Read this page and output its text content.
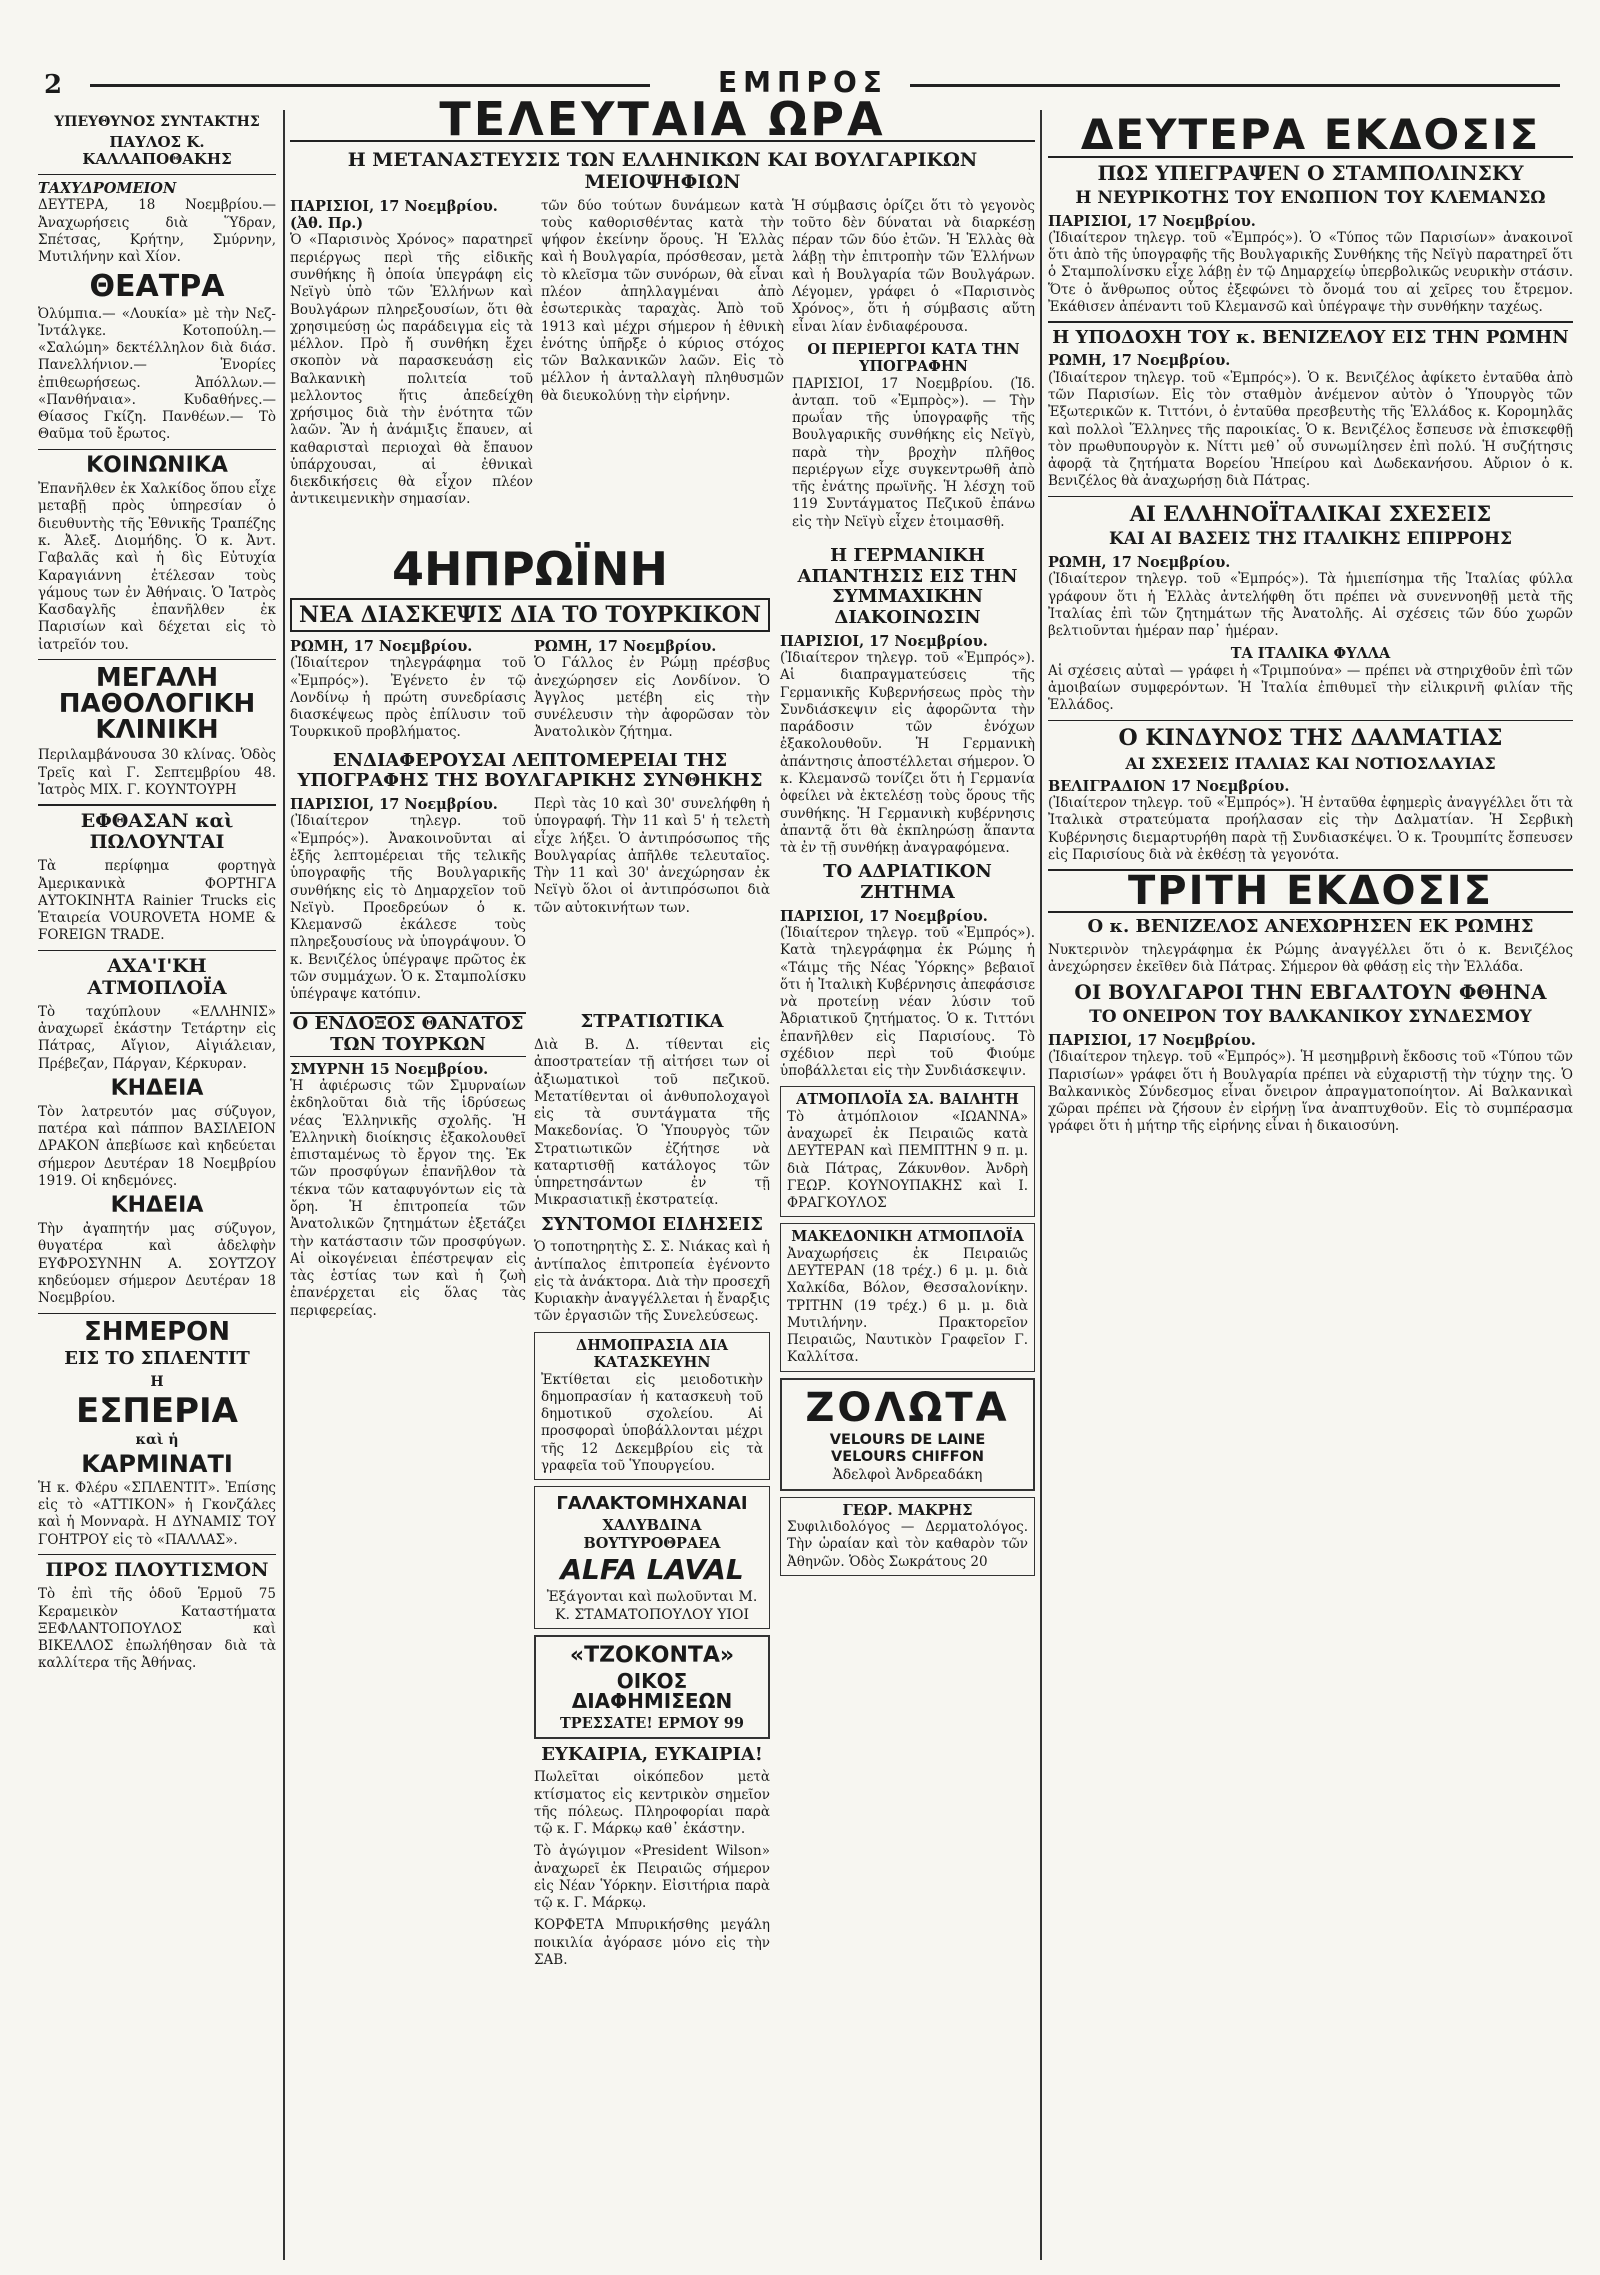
2	ΕΜΠΡΟΣ
ΥΠΕΥΘΥΝΟΣ ΣΥΝΤΑΚΤΗΣ
ΠΑΥΛΟΣ Κ. ΚΑΛΛΑΠΟΘΑΚΗΣ
ΤΑΧΥΔΡΟΜΕΙΟΝ

ΔΕΥΤΕΡΑ, 18 Νοεμβρίου.— Ἀναχωρήσεις διὰ Ὕδραν, Σπέτσας, Κρήτην, Σμύρνην, Μυτιλήνην καὶ Χίον.

ΘΕΑΤΡΑ

Ὀλύμπια.— «Λουκία» μὲ τὴν Νεζ-Ἰντάλγκε. Κοτοπούλη.— «Σαλώμη» δεκτέλληλον διὰ διάσ. Πανελλήνιον.— Ἑνορίες ἐπιθεωρήσεως. Ἀπόλλων.— «Πανθήναια». Κυδαθήνες.— Θίασος Γκίζη. Πανθέων.— Τὸ Θαῦμα τοῦ ἔρωτος.

ΚΟΙΝΩΝΙΚΑ

Ἐπανῆλθεν ἐκ Χαλκίδος ὅπου εἶχε μεταβῇ πρὸς ὑπηρεσίαν ὁ διευθυντὴς τῆς Ἐθνικῆς Τραπέζης κ. Ἀλεξ. Διομήδης. Ὁ κ. Ἀντ. Γαβαλᾶς καὶ ἡ δὶς Εὐτυχία Καραγιάννη ἐτέλεσαν τοὺς γάμους των ἐν Ἀθήναις. Ὁ Ἰατρὸς Κασδαγλῆς ἐπανῆλθεν ἐκ Παρισίων καὶ δέχεται εἰς τὸ ἰατρεῖόν του.

ΜΕΓΑΛΗ ΠΑΘΟΛΟΓΙΚΗ ΚΛΙΝΙΚΗ

Περιλαμβάνουσα 30 κλίνας. Ὁδὸς Τρεῖς καὶ Γ. Σεπτεμβρίου 48. Ἰατρὸς ΜΙΧ. Γ. ΚΟΥΝΤΟΥΡΗ

ΕΦΘΑΣΑΝ καὶ ΠΩΛΟΥΝΤΑΙ

Τὰ περίφημα φορτηγὰ Ἀμερικανικὰ ΦΟΡΤΗΓΑ ΑΥΤΟΚΙΝΗΤΑ Rainier Trucks εἰς Ἑταιρεία VOUROVETA HOME & FOREIGN TRADE.

ΑΧΑ'Ι'ΚΗ ΑΤΜΟΠΛΟΪΑ

Τὸ ταχύπλουν «ΕΛΛΗΝΙΣ» ἀναχωρεῖ ἑκάστην Τετάρτην εἰς Πάτρας, Αἴγιον, Αἰγιάλειαν, Πρέβεζαν, Πάργαν, Κέρκυραν.

ΚΗΔΕΙΑ

Τὸν λατρευτόν μας σύζυγον, πατέρα καὶ πάππον ΒΑΣΙΛΕΙΟΝ ΔΡΑΚΟΝ ἀπεβίωσε καὶ κηδεύεται σήμερον Δευτέραν 18 Νοεμβρίου 1919. Οἱ κηδεμόνες.

ΚΗΔΕΙΑ

Τὴν ἀγαπητήν μας σύζυγον, θυγατέρα καὶ ἀδελφὴν ΕΥΦΡΟΣΥΝΗΝ Α. ΣΟΥΤΖΟΥ κηδεύομεν σήμερον Δευτέραν 18 Νοεμβρίου.

ΣΗΜΕΡΟΝ
ΕΙΣ ΤΟ ΣΠΛΕΝΤΙΤ
Η
ΕΣΠΕΡΙΑ
καὶ ἡ
ΚΑΡΜΙΝΑΤΙ

Ἡ κ. Φλέρυ «ΣΠΛΕΝΤΙΤ». Ἐπίσης εἰς τὸ «ΑΤΤΙΚΟΝ» ἡ Γκονζάλες καὶ ἡ Μονναρὰ. Η ΔΥΝΑΜΙΣ ΤΟΥ ΓΟΗΤΡΟΥ εἰς τὸ «ΠΑΛΛΑΣ».

ΠΡΟΣ ΠΛΟΥΤΙΣΜΟΝ

Τὸ ἐπὶ τῆς ὁδοῦ Ἑρμοῦ 75 Κεραμεικὸν Καταστήματα ΞΕΦΛΑΝΤΟΠΟΥΛΟΣ καὶ ΒΙΚΕΛΛΟΣ ἐπωλήθησαν διὰ τὰ καλλίτερα τῆς Ἀθήνας.

ΤΕΛΕΥΤΑΙΑ ΩΡΑ
Η ΜΕΤΑΝΑΣΤΕΥΣΙΣ ΤΩΝ ΕΛΛΗΝΙΚΩΝ ΚΑΙ ΒΟΥΛΓΑΡΙΚΩΝ ΜΕΙΟΨΗΦΙΩΝ
ΠΑΡΙΣΙΟΙ, 17 Νοεμβρίου. (Ἀθ. Πρ.)

Ὁ «Παρισινὸς Χρόνος» παρατηρεῖ περιέργως περὶ τῆς εἰδικῆς συνθήκης ἢ ὁποία ὑπεγράφη εἰς Νεϊγὺ ὑπὸ τῶν Ἑλλήνων καὶ Βουλγάρων πληρεξουσίων, ὅτι θὰ χρησιμεύσῃ ὡς παράδειγμα εἰς τὰ μέλλον. Πρὸ ἤ συνθήκη ἔχει σκοπὸν νὰ παρασκευάσῃ εἰς Βαλκανικὴ πολιτεία τοῦ μελλοντος ἥτις ἀπεδείχθη χρήσιμος διὰ τὴν ἑνότητα τῶν λαῶν. Ἂν ἡ ἀνάμιξις ἔπαυεν, αἱ καθαρισταὶ περιοχαὶ θὰ ἔπαυον ὑπάρχουσαι, αἱ ἐθνικαὶ διεκδικήσεις θὰ εἶχον πλέον ἀντικειμενικὴν σημασίαν.

τῶν δύο τούτων δυνάμεων κατὰ τοὺς καθορισθέντας κατὰ τὴν ψήφον ἐκείνην ὅρους. Ἡ Ἑλλὰς καὶ ἡ Βουλγαρία, πρόσθεσαν, μετὰ τὸ κλεῖσμα τῶν συνόρων, θὰ εἶναι πλέον ἀπηλλαγμέναι ἀπὸ ἐσωτερικὰς ταραχὰς. Ἀπὸ τοῦ 1913 καὶ μέχρι σήμερον ἡ ἐθνικὴ ἐνότης ὑπῆρξε ὁ κύριος στόχος τῶν Βαλκανικῶν λαῶν. Εἰς τὸ μέλλον ἡ ἀνταλλαγὴ πληθυσμῶν θὰ διευκολύνῃ τὴν εἰρήνην.

Ἡ σύμβασις ὁρίζει ὅτι τὸ γεγονὸς τοῦτο δὲν δύναται νὰ διαρκέσῃ πέραν τῶν δύο ἐτῶν. Ἡ Ἑλλὰς θὰ λάβῃ τὴν ἐπιτροπὴν τῶν Ἑλλήνων καὶ ἡ Βουλγαρία τῶν Βουλγάρων. Λέγομεν, γράφει ὁ «Παρισινὸς Χρόνος», ὅτι ἡ σύμβασις αὕτη εἶναι λίαν ἐνδιαφέρουσα.

ΟΙ ΠΕΡΙΕΡΓΟΙ ΚΑΤΑ ΤΗΝ ΥΠΟΓΡΑΦΗΝ

ΠΑΡΙΣΙΟΙ, 17 Νοεμβρίου. (Ἰδ. ἀνταπ. τοῦ «Ἐμπρὸς»). — Τὴν πρωΐαν τῆς ὑπογραφῆς τῆς Βουλγαρικῆς συνθήκης εἰς Νεϊγὺ, παρὰ τὴν βροχὴν πλῆθος περιέργων εἶχε συγκεντρωθῆ ἀπὸ τῆς ἐνάτης πρωϊνῆς. Ἡ λέσχη τοῦ 119 Συντάγματος Πεζικοῦ ἐπάνω εἰς τὴν Νεϊγὺ εἶχεν ἑτοιμασθῆ.

4ΗΠΡΩΪΝΗ
ΝΕΑ ΔΙΑΣΚΕΨΙΣ ΔΙΑ ΤΟ ΤΟΥΡΚΙΚΟΝ
ΡΩΜΗ, 17 Νοεμβρίου.

(Ἰδιαίτερον τηλεγράφημα τοῦ «Ἐμπρός»). Ἐγένετο ἐν τῷ Λονδίνῳ ἡ πρώτη συνεδρίασις διασκέψεως πρὸς ἐπίλυσιν τοῦ Τουρκικοῦ προβλήματος.

ΡΩΜΗ, 17 Νοεμβρίου.

Ὁ Γάλλος ἐν Ρώμῃ πρέσβυς ἀνεχώρησεν εἰς Λονδίνον. Ὁ Ἀγγλος μετέβη εἰς τὴν συνέλευσιν τὴν ἀφορῶσαν τὸν Ἀνατολικὸν ζήτημα.

ΕΝΔΙΑΦΕΡΟΥΣΑΙ ΛΕΠΤΟΜΕΡΕΙΑΙ ΤΗΣ ΥΠΟΓΡΑΦΗΣ ΤΗΣ ΒΟΥΛΓΑΡΙΚΗΣ ΣΥΝΘΗΚΗΣ
ΠΑΡΙΣΙΟΙ, 17 Νοεμβρίου.

(Ἰδιαίτερον τηλεγρ. τοῦ «Ἐμπρός»). Ἀνακοινοῦνται αἱ ἑξῆς λεπτομέρειαι τῆς τελικῆς ὑπογραφῆς τῆς Βουλγαρικῆς συνθήκης εἰς τὸ Δημαρχεῖον τοῦ Νεϊγὺ. Προεδρεύων ὁ κ. Κλεμανσῶ ἐκάλεσε τοὺς πληρεξουσίους νὰ ὑπογράψουν. Ὁ κ. Βενιζέλος ὑπέγραψε πρῶτος ἐκ τῶν συμμάχων. Ὁ κ. Σταμπολίσκυ ὑπέγραψε κατόπιν.

Περὶ τὰς 10 καὶ 30' συνελήφθη ἡ ὑπογραφή. Τὴν 11 καὶ 5' ἡ τελετὴ εἶχε λήξει. Ὁ ἀντιπρόσωπος τῆς Βουλγαρίας ἀπῆλθε τελευταῖος. Τὴν 11 καὶ 30' ἀνεχώρησαν ἐκ Νεϊγὺ ὅλοι οἱ ἀντιπρόσωποι διὰ τῶν αὐτοκινήτων των.

Ο ΕΝΔΟΞΟΣ ΘΑΝΑΤΟΣ ΤΩΝ ΤΟΥΡΚΩΝ
ΣΜΥΡΝΗ 15 Νοεμβρίου.

Ἡ ἀφιέρωσις τῶν Σμυρναίων ἐκδηλοῦται διὰ τῆς ἱδρύσεως νέας Ἑλληνικῆς σχολῆς. Ἡ Ἑλληνικὴ διοίκησις ἐξακολουθεῖ ἐπισταμένως τὸ ἔργον της. Ἐκ τῶν προσφύγων ἐπανῆλθον τὰ τέκνα τῶν καταφυγόντων εἰς τὰ ὄρη. Ἡ ἐπιτροπεία τῶν Ἀνατολικῶν ζητημάτων ἐξετάζει τὴν κατάστασιν τῶν προσφύγων. Αἱ οἰκογένειαι ἐπέστρεψαν εἰς τὰς ἑστίας των καὶ ἡ ζωὴ ἐπανέρχεται εἰς ὅλας τὰς περιφερείας.

ΣΤΡΑΤΙΩΤΙΚΑ

Διὰ Β. Δ. τίθενται εἰς ἀποστρατείαν τῇ αἰτήσει των οἱ ἀξιωματικοὶ τοῦ πεζικοῦ. Μετατίθενται οἱ ἀνθυπολοχαγοὶ εἰς τὰ συντάγματα τῆς Μακεδονίας. Ὁ Ὑπουργὸς τῶν Στρατιωτικῶν ἐζήτησε νὰ καταρτισθῇ κατάλογος τῶν ὑπηρετησάντων ἐν τῇ Μικρασιατικῇ ἐκστρατείᾳ.

ΣΥΝΤΟΜΟΙ ΕΙΔΗΣΕΙΣ

Ὁ τοποτηρητὴς Σ. Σ. Νιάκας καὶ ἡ ἀντίπαλος ἐπιτροπεία ἐγένοντο εἰς τὰ ἀνάκτορα. Διὰ τὴν προσεχῆ Κυριακὴν ἀναγγέλλεται ἡ ἔναρξις τῶν ἐργασιῶν τῆς Συνελεύσεως.

ΔΗΜΟΠΡΑΣΙΑ ΔΙΑ ΚΑΤΑΣΚΕΥΗΝ

Ἐκτίθεται εἰς μειοδοτικὴν δημοπρασίαν ἡ κατασκευὴ τοῦ δημοτικοῦ σχολείου. Αἱ προσφοραὶ ὑποβάλλονται μέχρι τῆς 12 Δεκεμβρίου εἰς τὰ γραφεῖα τοῦ Ὑπουργείου.

ΓΑΛΑΚΤΟΜΗΧΑΝΑΙ
ΧΑΛΥΒΔΙΝΑ ΒΟΥΤΥΡΟΘΡΑΕΑ
ALFA LAVAL
Ἐξάγονται καὶ πωλοῦνται Μ. Κ. ΣΤΑΜΑΤΟΠΟΥΛΟΥ ΥΙΟΙ
«ΤΖΟΚΟΝΤΑ»
ΟΙΚΟΣ ΔΙΑΦΗΜΙΣΕΩΝ
ΤΡΕΣΣΑΤΕ! ΕΡΜΟΥ 99
ΕΥΚΑΙΡΙΑ, ΕΥΚΑΙΡΙΑ!

Πωλεῖται οἰκόπεδον μετὰ κτίσματος εἰς κεντρικὸν σημεῖον τῆς πόλεως. Πληροφορίαι παρὰ τῷ κ. Γ. Μάρκῳ καθ᾽ ἑκάστην.

Τὸ ἀγώγιμον «President Wilson» ἀναχωρεῖ ἐκ Πειραιῶς σήμερον εἰς Νέαν Ὑόρκην. Εἰσιτήρια παρὰ τῷ κ. Γ. Μάρκῳ.

ΚΟΡΦΕΤΑ Μπυρικήσθης μεγάλη ποικιλία ἀγόρασε μόνο εἰς τὴν ΣΑΒ.

Η ΓΕΡΜΑΝΙΚΗ ΑΠΑΝΤΗΣΙΣ ΕΙΣ ΤΗΝ ΣΥΜΜΑΧΙΚΗΝ ΔΙΑΚΟΙΝΩΣΙΝ
ΠΑΡΙΣΙΟΙ, 17 Νοεμβρίου.

(Ἰδιαίτερον τηλεγρ. τοῦ «Ἐμπρός»). Αἱ διαπραγματεύσεις τῆς Γερμανικῆς Κυβερνήσεως πρὸς τὴν Συνδιάσκεψιν εἰς ἀφορῶντα τὴν παράδοσιν τῶν ἐνόχων ἐξακολουθοῦν. Ἡ Γερμανικὴ ἀπάντησις ἀποστέλλεται σήμερον. Ὁ κ. Κλεμανσῶ τονίζει ὅτι ἡ Γερμανία ὀφείλει νὰ ἐκτελέσῃ τοὺς ὅρους τῆς συνθήκης. Ἡ Γερμανικὴ κυβέρνησις ἀπαντᾷ ὅτι θὰ ἐκπληρώσῃ ἅπαντα τὰ ἐν τῇ συνθήκῃ ἀναγραφόμενα.

ΤΟ ΑΔΡΙΑΤΙΚΟΝ ΖΗΤΗΜΑ
ΠΑΡΙΣΙΟΙ, 17 Νοεμβρίου.

(Ἰδιαίτερον τηλεγρ. τοῦ «Ἐμπρός»). Κατὰ τηλεγράφημα ἐκ Ρώμης ἡ «Τάιμς τῆς Νέας Ὑόρκης» βεβαιοῖ ὅτι ἡ Ἰταλικὴ Κυβέρνησις ἀπεφάσισε νὰ προτείνῃ νέαν λύσιν τοῦ Ἀδριατικοῦ ζητήματος. Ὁ κ. Τιττόνι ἐπανῆλθεν εἰς Παρισίους. Τὸ σχέδιον περὶ τοῦ Φιούμε ὑποβάλλεται εἰς τὴν Συνδιάσκεψιν.

ΑΤΜΟΠΛΟΪΑ ΣΑ. ΒΑΙΛΗΤΗ

Τὸ ἀτμόπλοιον «ΙΩΑΝΝΑ» ἀναχωρεῖ ἐκ Πειραιῶς κατὰ ΔΕΥΤΕΡΑΝ καὶ ΠΕΜΠΤΗΝ 9 π. μ. διὰ Πάτρας, Ζάκυνθον. Ἀνδρὴ ΓΕΩΡ. ΚΟΥΝΟΥΠΑΚΗΣ καὶ Ι. ΦΡΑΓΚΟΥΛΟΣ

ΜΑΚΕΔΟΝΙΚΗ ΑΤΜΟΠΛΟΪΑ

Ἀναχωρήσεις ἐκ Πειραιῶς ΔΕΥΤΕΡΑΝ (18 τρέχ.) 6 μ. μ. διὰ Χαλκίδα, Βόλον, Θεσσαλονίκην. ΤΡΙΤΗΝ (19 τρέχ.) 6 μ. μ. διὰ Μυτιλήνην. Πρακτορεῖον Πειραιῶς, Ναυτικὸν Γραφεῖον Γ. Καλλίτσα.

ΖΟΛΩΤΑ
VELOURS DE LAINE
VELOURS CHIFFON
Ἀδελφοὶ Ἀνδρεαδάκη
ΓΕΩΡ. ΜΑΚΡΗΣ

Συφιλιδολόγος — Δερματολόγος. Τὴν ὡραίαν καὶ τὸν καθαρὸν τῶν Ἀθηνῶν. Ὁδὸς Σωκράτους 20

ΔΕΥΤΕΡΑ ΕΚΔΟΣΙΣ
ΠΩΣ ΥΠΕΓΡΑΨΕΝ Ο ΣΤΑΜΠΟΛΙΝΣΚΥ
Η ΝΕΥΡΙΚΟΤΗΣ ΤΟΥ ΕΝΩΠΙΟΝ ΤΟΥ ΚΛΕΜΑΝΣΩ
ΠΑΡΙΣΙΟΙ, 17 Νοεμβρίου.

(Ἰδιαίτερον τηλεγρ. τοῦ «Ἐμπρός»). Ὁ «Τύπος τῶν Παρισίων» ἀνακοινοῖ ὅτι ἀπὸ τῆς ὑπογραφῆς τῆς Βουλγαρικῆς Συνθήκης τῆς Νεϊγὺ παρατηρεῖ ὅτι ὁ Σταμπολίνσκυ εἶχε λάβῃ ἐν τῷ Δημαρχείῳ ὑπερβολικῶς νευρικὴν στάσιν. Ὅτε ὁ ἄνθρωπος οὗτος ἐξεφώνει τὸ ὄνομά του αἱ χεῖρες του ἔτρεμον. Ἐκάθισεν ἀπέναντι τοῦ Κλεμανσῶ καὶ ὑπέγραψε τὴν συνθήκην ταχέως.

Η ΥΠΟΔΟΧΗ ΤΟΥ κ. ΒΕΝΙΖΕΛΟΥ ΕΙΣ ΤΗΝ ΡΩΜΗΝ
ΡΩΜΗ, 17 Νοεμβρίου.

(Ἰδιαίτερον τηλεγρ. τοῦ «Ἐμπρός»). Ὁ κ. Βενιζέλος ἀφίκετο ἐνταῦθα ἀπὸ τῶν Παρισίων. Εἰς τὸν σταθμὸν ἀνέμενον αὐτὸν ὁ Ὑπουργὸς τῶν Ἐξωτερικῶν κ. Τιττόνι, ὁ ἐνταῦθα πρεσβευτὴς τῆς Ἑλλάδος κ. Κορομηλᾶς καὶ πολλοὶ Ἕλληνες τῆς παροικίας. Ὁ κ. Βενιζέλος ἔσπευσε νὰ ἐπισκεφθῇ τὸν πρωθυπουργὸν κ. Νίττι μεθ᾽ οὗ συνωμίλησεν ἐπὶ πολύ. Ἡ συζήτησις ἀφορᾷ τὰ ζητήματα Βορείου Ἠπείρου καὶ Δωδεκανήσου. Αὔριον ὁ κ. Βενιζέλος θὰ ἀναχωρήσῃ διὰ Πάτρας.

ΑΙ ΕΛΛΗΝΟΪΤΑΛΙΚΑΙ ΣΧΕΣΕΙΣ
ΚΑΙ ΑΙ ΒΑΣΕΙΣ ΤΗΣ ΙΤΑΛΙΚΗΣ ΕΠΙΡΡΟΗΣ
ΡΩΜΗ, 17 Νοεμβρίου.

(Ἰδιαίτερον τηλεγρ. τοῦ «Ἐμπρός»). Τὰ ἡμιεπίσημα τῆς Ἰταλίας φύλλα γράφουν ὅτι ἡ Ἑλλὰς ἀντελήφθη ὅτι πρέπει νὰ συνεννοηθῇ μετὰ τῆς Ἰταλίας ἐπὶ τῶν ζητημάτων τῆς Ἀνατολῆς. Αἱ σχέσεις τῶν δύο χωρῶν βελτιοῦνται ἡμέραν παρ᾽ ἡμέραν.

ΤΑ ΙΤΑΛΙΚΑ ΦΥΛΛΑ

Αἱ σχέσεις αὐταὶ — γράφει ἡ «Τριμπούνα» — πρέπει νὰ στηριχθοῦν ἐπὶ τῶν ἀμοιβαίων συμφερόντων. Ἡ Ἰταλία ἐπιθυμεῖ τὴν εἰλικρινῆ φιλίαν τῆς Ἑλλάδος.

Ο ΚΙΝΔΥΝΟΣ ΤΗΣ ΔΑΛΜΑΤΙΑΣ
ΑΙ ΣΧΕΣΕΙΣ ΙΤΑΛΙΑΣ ΚΑΙ ΝΟΤΙΟΣΛΑΥΙΑΣ
ΒΕΛΙΓΡΑΔΙΟΝ 17 Νοεμβρίου.

(Ἰδιαίτερον τηλεγρ. τοῦ «Ἐμπρός»). Ἡ ἐνταῦθα ἐφημερὶς ἀναγγέλλει ὅτι τὰ Ἰταλικὰ στρατεύματα προήλασαν εἰς τὴν Δαλματίαν. Ἡ Σερβικὴ Κυβέρνησις διεμαρτυρήθη παρὰ τῇ Συνδιασκέψει. Ὁ κ. Τρουμπίτς ἔσπευσεν εἰς Παρισίους διὰ νὰ ἐκθέσῃ τὰ γεγονότα.

ΤΡΙΤΗ ΕΚΔΟΣΙΣ
Ο κ. ΒΕΝΙΖΕΛΟΣ ΑΝΕΧΩΡΗΣΕΝ ΕΚ ΡΩΜΗΣ

Νυκτερινὸν τηλεγράφημα ἐκ Ρώμης ἀναγγέλλει ὅτι ὁ κ. Βενιζέλος ἀνεχώρησεν ἐκεῖθεν διὰ Πάτρας. Σήμερον θὰ φθάσῃ εἰς τὴν Ἑλλάδα.

ΟΙ ΒΟΥΛΓΑΡΟΙ ΤΗΝ ΕΒΓΑΛΤΟΥΝ ΦΘΗΝΑ
ΤΟ ΟΝΕΙΡΟΝ ΤΟΥ ΒΑΛΚΑΝΙΚΟΥ ΣΥΝΔΕΣΜΟΥ
ΠΑΡΙΣΙΟΙ, 17 Νοεμβρίου.

(Ἰδιαίτερον τηλεγρ. τοῦ «Ἐμπρός»). Ἡ μεσημβρινὴ ἔκδοσις τοῦ «Τύπου τῶν Παρισίων» γράφει ὅτι ἡ Βουλγαρία πρέπει νὰ εὐχαριστῇ τὴν τύχην της. Ὁ Βαλκανικὸς Σύνδεσμος εἶναι ὄνειρον ἀπραγματοποίητον. Αἱ Βαλκανικαὶ χῶραι πρέπει νὰ ζήσουν ἐν εἰρήνῃ ἵνα ἀναπτυχθοῦν. Εἰς τὸ συμπέρασμα γράφει ὅτι ἡ μήτηρ τῆς εἰρήνης εἶναι ἡ δικαιοσύνη.
